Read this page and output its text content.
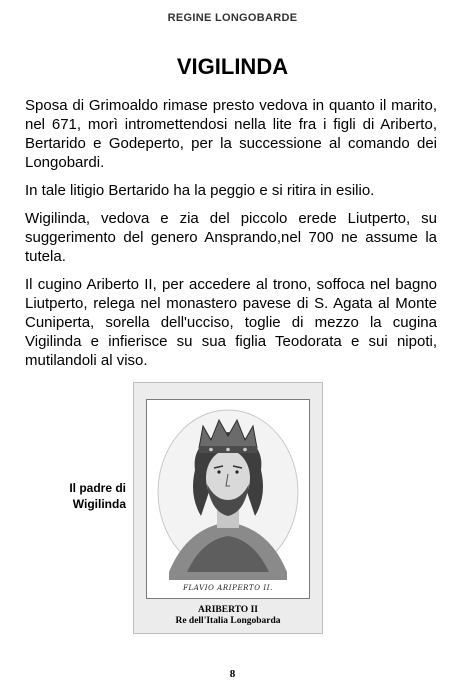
REGINE LONGOBARDE
VIGILINDA

Sposa di Grimoaldo rimase presto vedova in quanto il marito, nel 671, morì intromettendosi nella lite fra i figli di Ariberto, Bertarido e Godeperto, per la successione al comando dei Longobardi.

In tale litigio Bertarido ha la peggio e si ritira in esilio.

Wigilinda, vedova e zia del piccolo erede Liutperto, su suggerimento del genero Ansprando,nel 700 ne assume la tutela.

Il cugino Ariberto II, per accedere al trono, soffoca nel bagno Liutperto, relega nel monastero pavese di S. Agata al Monte Cuniperta, sorella dell'ucciso, toglie di mezzo la cugina Vigilinda e infierisce su sua figlia Teodorata e sui nipoti, mutilandoli al viso.

Il padre di
Wigilinda
FLAVIO ARIPERTO II.
ARIBERTO II
Re dell'Italia Longobarda
8
